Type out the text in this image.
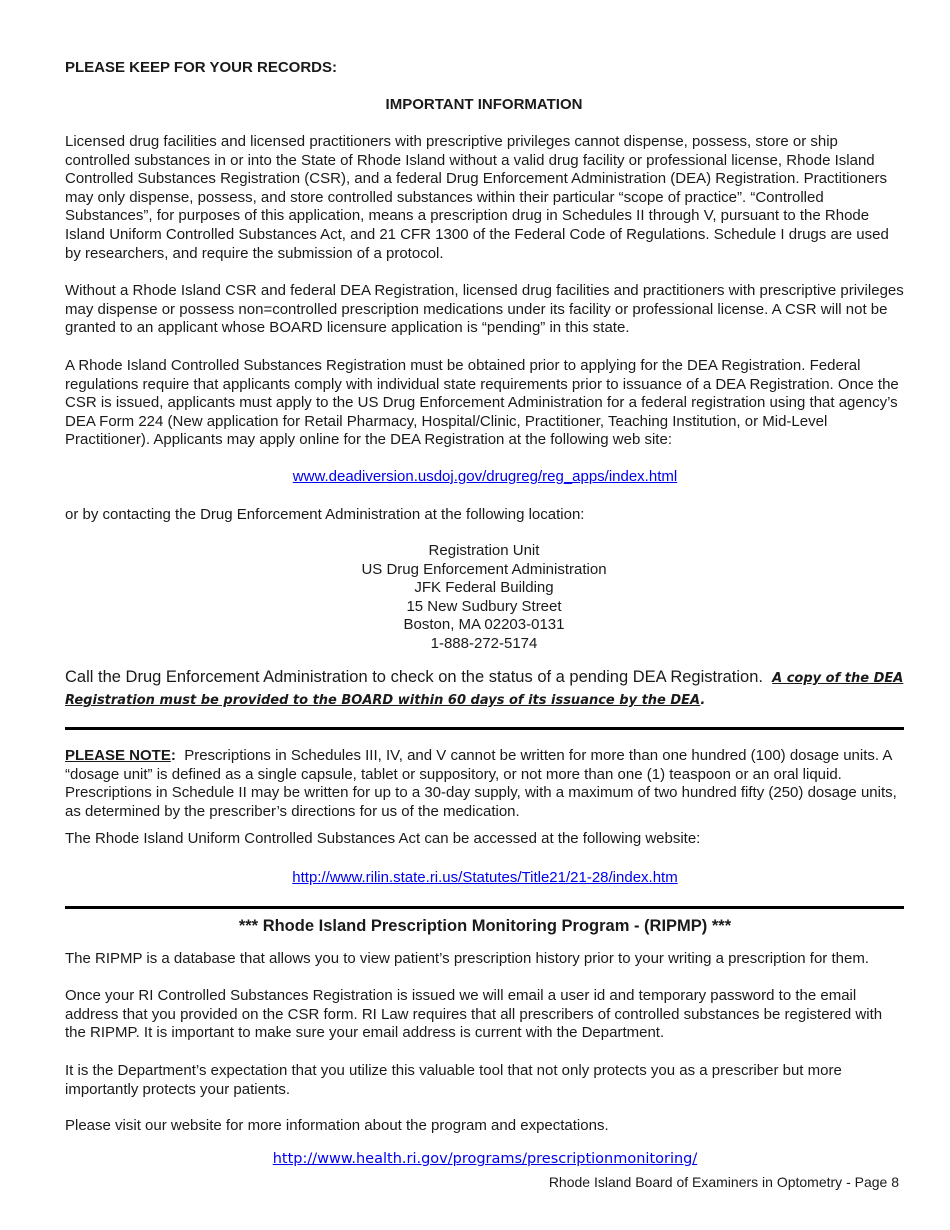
PLEASE KEEP FOR YOUR RECORDS:

IMPORTANT INFORMATION

Licensed drug facilities and licensed practitioners with prescriptive privileges cannot dispense, possess, store or ship controlled substances in or into the State of Rhode Island without a valid drug facility or professional license, Rhode Island Controlled Substances Registration (CSR), and a federal Drug Enforcement Administration (DEA) Registration. Practitioners may only dispense, possess, and store controlled substances within their particular “scope of practice”. “Controlled Substances”, for purposes of this application, means a prescription drug in Schedules II through V, pursuant to the Rhode Island Uniform Controlled Substances Act, and 21 CFR 1300 of the Federal Code of Regulations. Schedule I drugs are used by researchers, and require the submission of a protocol.

Without a Rhode Island CSR and federal DEA Registration, licensed drug facilities and practitioners with prescriptive privileges may dispense or possess non=controlled prescription medications under its facility or professional license. A CSR will not be granted to an applicant whose BOARD licensure application is “pending” in this state.

A Rhode Island Controlled Substances Registration must be obtained prior to applying for the DEA Registration. Federal regulations require that applicants comply with individual state requirements prior to issuance of a DEA Registration. Once the CSR is issued, applicants must apply to the US Drug Enforcement Administration for a federal registration using that agency’s DEA Form 224 (New application for Retail Pharmacy, Hospital/Clinic, Practitioner, Teaching Institution, or Mid-Level Practitioner). Applicants may apply online for the DEA Registration at the following web site:

www.deadiversion.usdoj.gov/drugreg/reg_apps/index.html

or by contacting the Drug Enforcement Administration at the following location:

Registration Unit
US Drug Enforcement Administration
JFK Federal Building
15 New Sudbury Street
Boston, MA 02203-0131
1-888-272-5174

Call the Drug Enforcement Administration to check on the status of a pending DEA Registration. A copy of the DEA Registration must be provided to the BOARD within 60 days of its issuance by the DEA.

PLEASE NOTE: Prescriptions in Schedules III, IV, and V cannot be written for more than one hundred (100) dosage units. A “dosage unit” is defined as a single capsule, tablet or suppository, or not more than one (1) teaspoon or an oral liquid. Prescriptions in Schedule II may be written for up to a 30-day supply, with a maximum of two hundred fifty (250) dosage units, as determined by the prescriber’s directions for us of the medication.

The Rhode Island Uniform Controlled Substances Act can be accessed at the following website:

http://www.rilin.state.ri.us/Statutes/Title21/21-28/index.htm

*** Rhode Island Prescription Monitoring Program - (RIPMP) ***

The RIPMP is a database that allows you to view patient’s prescription history prior to your writing a prescription for them.

Once your RI Controlled Substances Registration is issued we will email a user id and temporary password to the email address that you provided on the CSR form. RI Law requires that all prescribers of controlled substances be registered with the RIPMP. It is important to make sure your email address is current with the Department.

It is the Department’s expectation that you utilize this valuable tool that not only protects you as a prescriber but more importantly protects your patients.

Please visit our website for more information about the program and expectations.

http://www.health.ri.gov/programs/prescriptionmonitoring/

Rhode Island Board of Examiners in Optometry - Page 8
